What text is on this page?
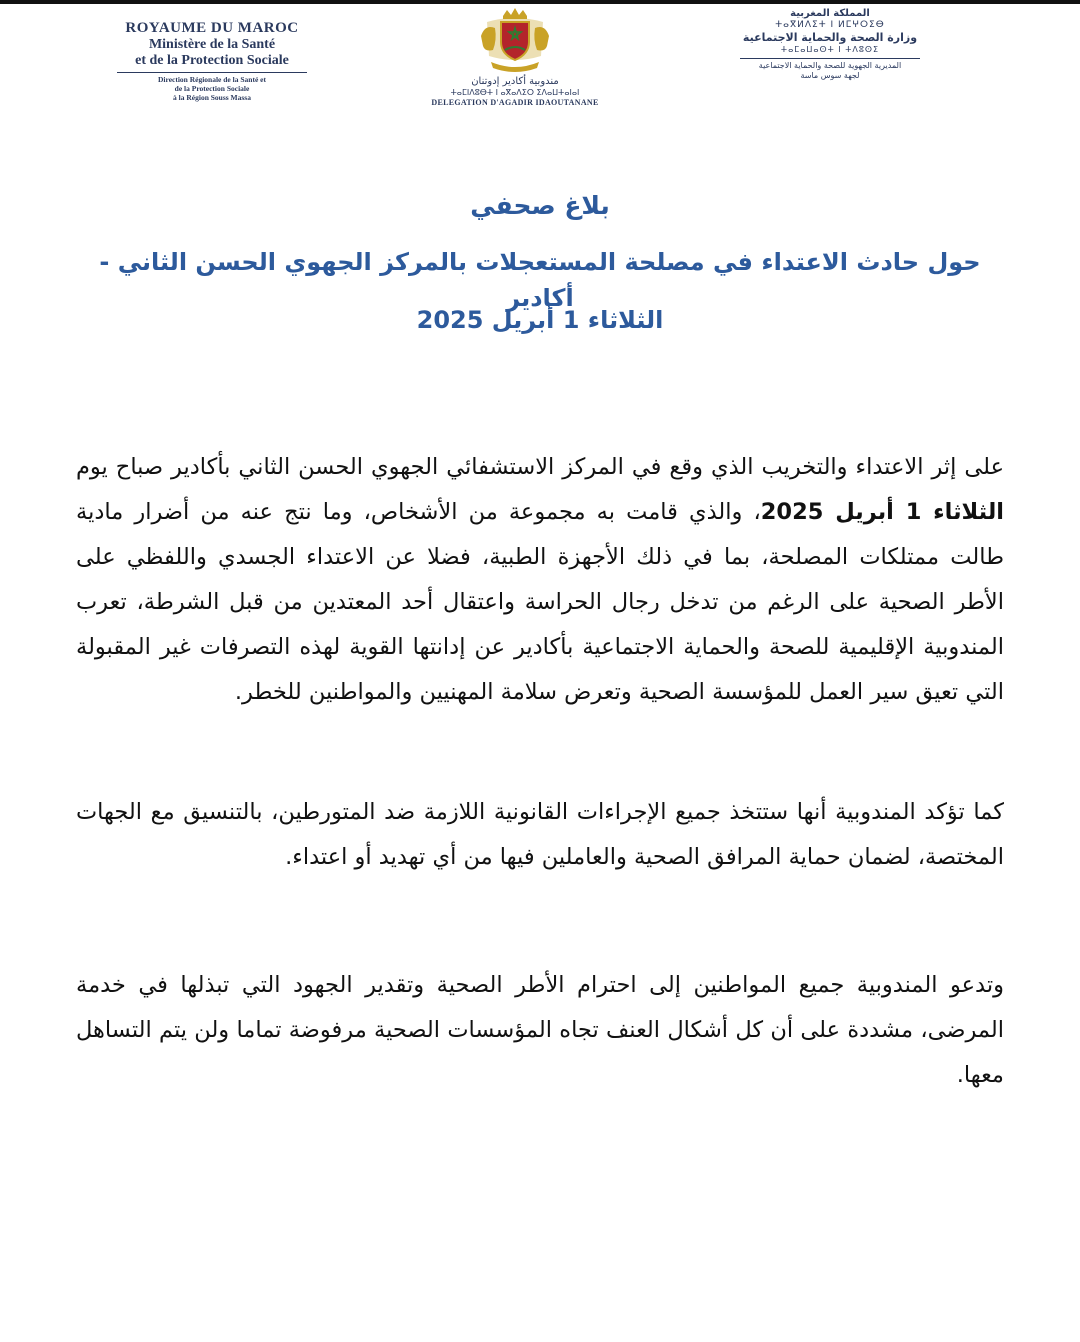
ROYAUME DU MAROC
Ministère de la Santé
et de la Protection Sociale
Direction Régionale de la Santé et
de la Protection Sociale
à la Région Souss Massa
مندوبية أكادير إدوتنان
ⵜⴰⵎⵏⴷⵓⴱⵜ ⵏ ⴰⴳⴰⴷⵉⵔ ⵉⴷⴰⵡⵜⴰⵏⴰⵏ
DELEGATION D'AGADIR IDAOUTANANE
المملكة المغربية
ⵜⴰⴳⵍⴷⵉⵜ ⵏ ⵍⵎⵖⵔⵉⴱ
وزارة الصحة والحماية الاجتماعية
ⵜⴰⵎⴰⵡⴰⵙⵜ ⵏ ⵜⴷⵓⵙⵉ
المديرية الجهوية للصحة والحماية الاجتماعية
لجهة سوس ماسة
بلاغ صحفي
حول حادث الاعتداء في مصلحة المستعجلات بالمركز الجهوي الحسن الثاني - أكادير
الثلاثاء 1 أبريل 2025
على إثر الاعتداء والتخريب الذي وقع في المركز الاستشفائي الجهوي الحسن الثاني بأكادير صباح يوم الثلاثاء 1 أبريل 2025، والذي قامت به مجموعة من الأشخاص، وما نتج عنه من أضرار مادية طالت ممتلكات المصلحة، بما في ذلك الأجهزة الطبية، فضلا عن الاعتداء الجسدي واللفظي على الأطر الصحية على الرغم من تدخل رجال الحراسة واعتقال أحد المعتدين من قبل الشرطة، تعرب المندوبية الإقليمية للصحة والحماية الاجتماعية بأكادير عن إدانتها القوية لهذه التصرفات غير المقبولة التي تعيق سير العمل للمؤسسة الصحية وتعرض سلامة المهنيين والمواطنين للخطر.
كما تؤكد المندوبية أنها ستتخذ جميع الإجراءات القانونية اللازمة ضد المتورطين، بالتنسيق مع الجهات المختصة، لضمان حماية المرافق الصحية والعاملين فيها من أي تهديد أو اعتداء.
وتدعو المندوبية جميع المواطنين إلى احترام الأطر الصحية وتقدير الجهود التي تبذلها في خدمة المرضى، مشددة على أن كل أشكال العنف تجاه المؤسسات الصحية مرفوضة تماما ولن يتم التساهل معها.
